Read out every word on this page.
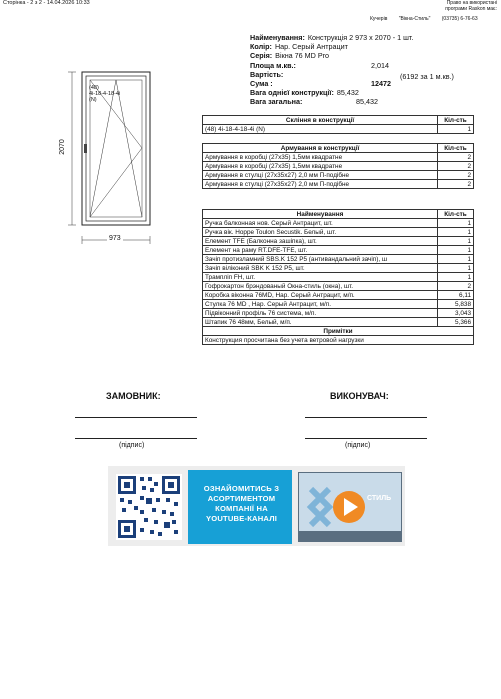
Сторінка - 2 з 2 - 14.04.2026 10:33	Право на використані
програми Raskon має:
Кучерів "Вікна-Стиль" (03735) 6-76-63
Найменування: Конструкція 2 973 x 2070 - 1 шт.
Колір: Нар. Серый Антрацит
Серія: Вікна 76 MD Pro
Площа м.кв.:	2,014
Вартість:	(6192 за 1 м.кв.)
Сума :	12472
Вага однієї конструкції: 85,432
Вага загальна:	85,432
(48)
4i-18-4-18-4i
(N)
973
2070
Скління в конструкції	Кіл-сть
(48) 4i-18-4-18-4i (N)	1
Армування в конструкції	Кіл-сть
Армування в коробці (27x35) 1,5мм квадратне	2
Армування в коробці (27x35) 1,5мм квадратне	2
Армування в стулці (27x35x27) 2,0 мм П-подібне	2
Армування в стулці (27x35x27) 2,0 мм П-подібне	2
Найменування	Кіл-сть
Ручка балконная нов. Серый Антрацит, шт.	1
Ручка вік. Hoppe Toulon Secustik. Белый, шт.	1
Елемент TFE (Балконна зашіпка), шт.	1
Елемент на раму RT.DFE-TFE, шт.	1
Зачіп протизламний SBS.K 152 P5 (антивандальний зачіп), ш	1
Зачіп віліконий SBK K 152 P5, шт.	1
Трампліп FH, шт.	1
Гофрокартон брэндованый Окна-стиль (окна), шт.	2
Коробка віконна 76MD, Нар. Серый Антрацит, м/п.	6,11
Стулка 76 MD , Нар. Серый Антрацит, м/п.	5,838
Підвіконний профіль 76 система, м/п.	3,043
Штапик 76 48мм, Белый, м/п.	5,366
Примітки	
Конструкция просчитана без учета ветровой нагрузки	
ЗАМОВНИК:	ВИКОНУВАЧ:
(підпис)	(підпис)
ОЗНАЙОМИТИСЬ З АСОРТИМЕНТОМ КОМПАНІЇ НА YOUTUBE-КАНАЛІ
СТИЛЬ
